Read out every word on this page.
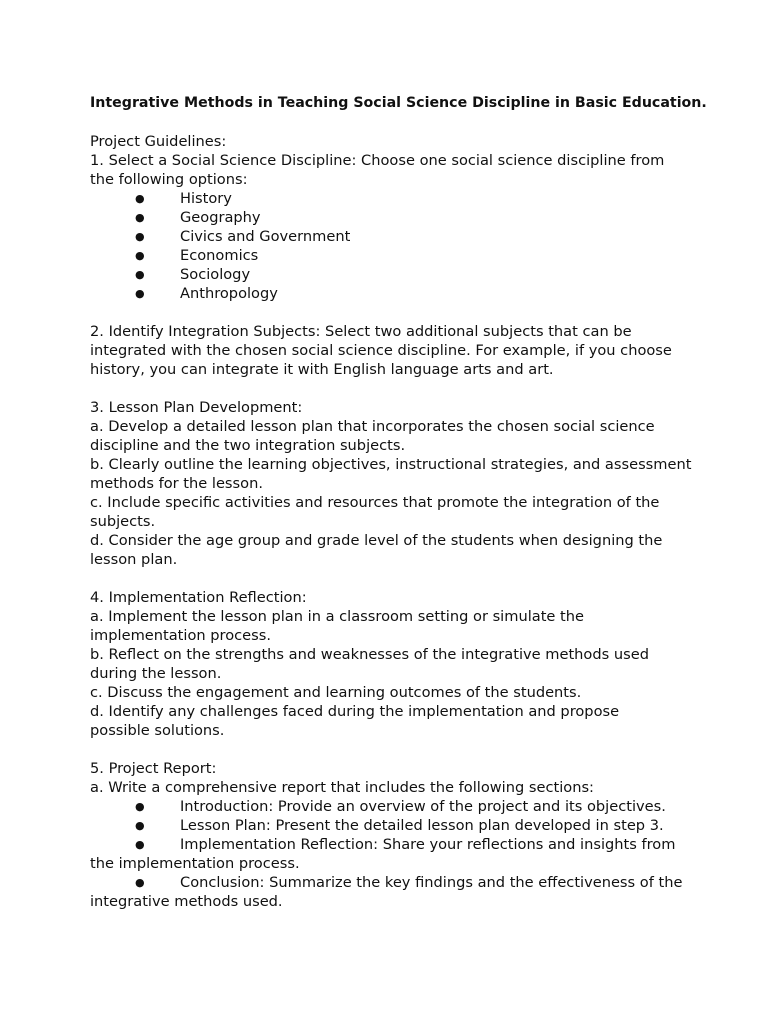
Integrative Methods in Teaching Social Science Discipline in Basic Education.

Project Guidelines:

1. Select a Social Science Discipline: Choose one social science discipline from

the following options:

● History
● Geography
● Civics and Government
● Economics
● Sociology
● Anthropology

2. Identify Integration Subjects: Select two additional subjects that can be

integrated with the chosen social science discipline. For example, if you choose

history, you can integrate it with English language arts and art.

3. Lesson Plan Development:

a. Develop a detailed lesson plan that incorporates the chosen social science

discipline and the two integration subjects.

b. Clearly outline the learning objectives, instructional strategies, and assessment

methods for the lesson.

c. Include specific activities and resources that promote the integration of the

subjects.

d. Consider the age group and grade level of the students when designing the

lesson plan.

4. Implementation Reflection:

a. Implement the lesson plan in a classroom setting or simulate the

implementation process.

b. Reflect on the strengths and weaknesses of the integrative methods used

during the lesson.

c. Discuss the engagement and learning outcomes of the students.

d. Identify any challenges faced during the implementation and propose

possible solutions.

5. Project Report:

a. Write a comprehensive report that includes the following sections:

● Introduction: Provide an overview of the project and its objectives.
● Lesson Plan: Present the detailed lesson plan developed in step 3.
● Implementation Reflection: Share your reflections and insights from

the implementation process.

● Conclusion: Summarize the key findings and the effectiveness of the

integrative methods used.
